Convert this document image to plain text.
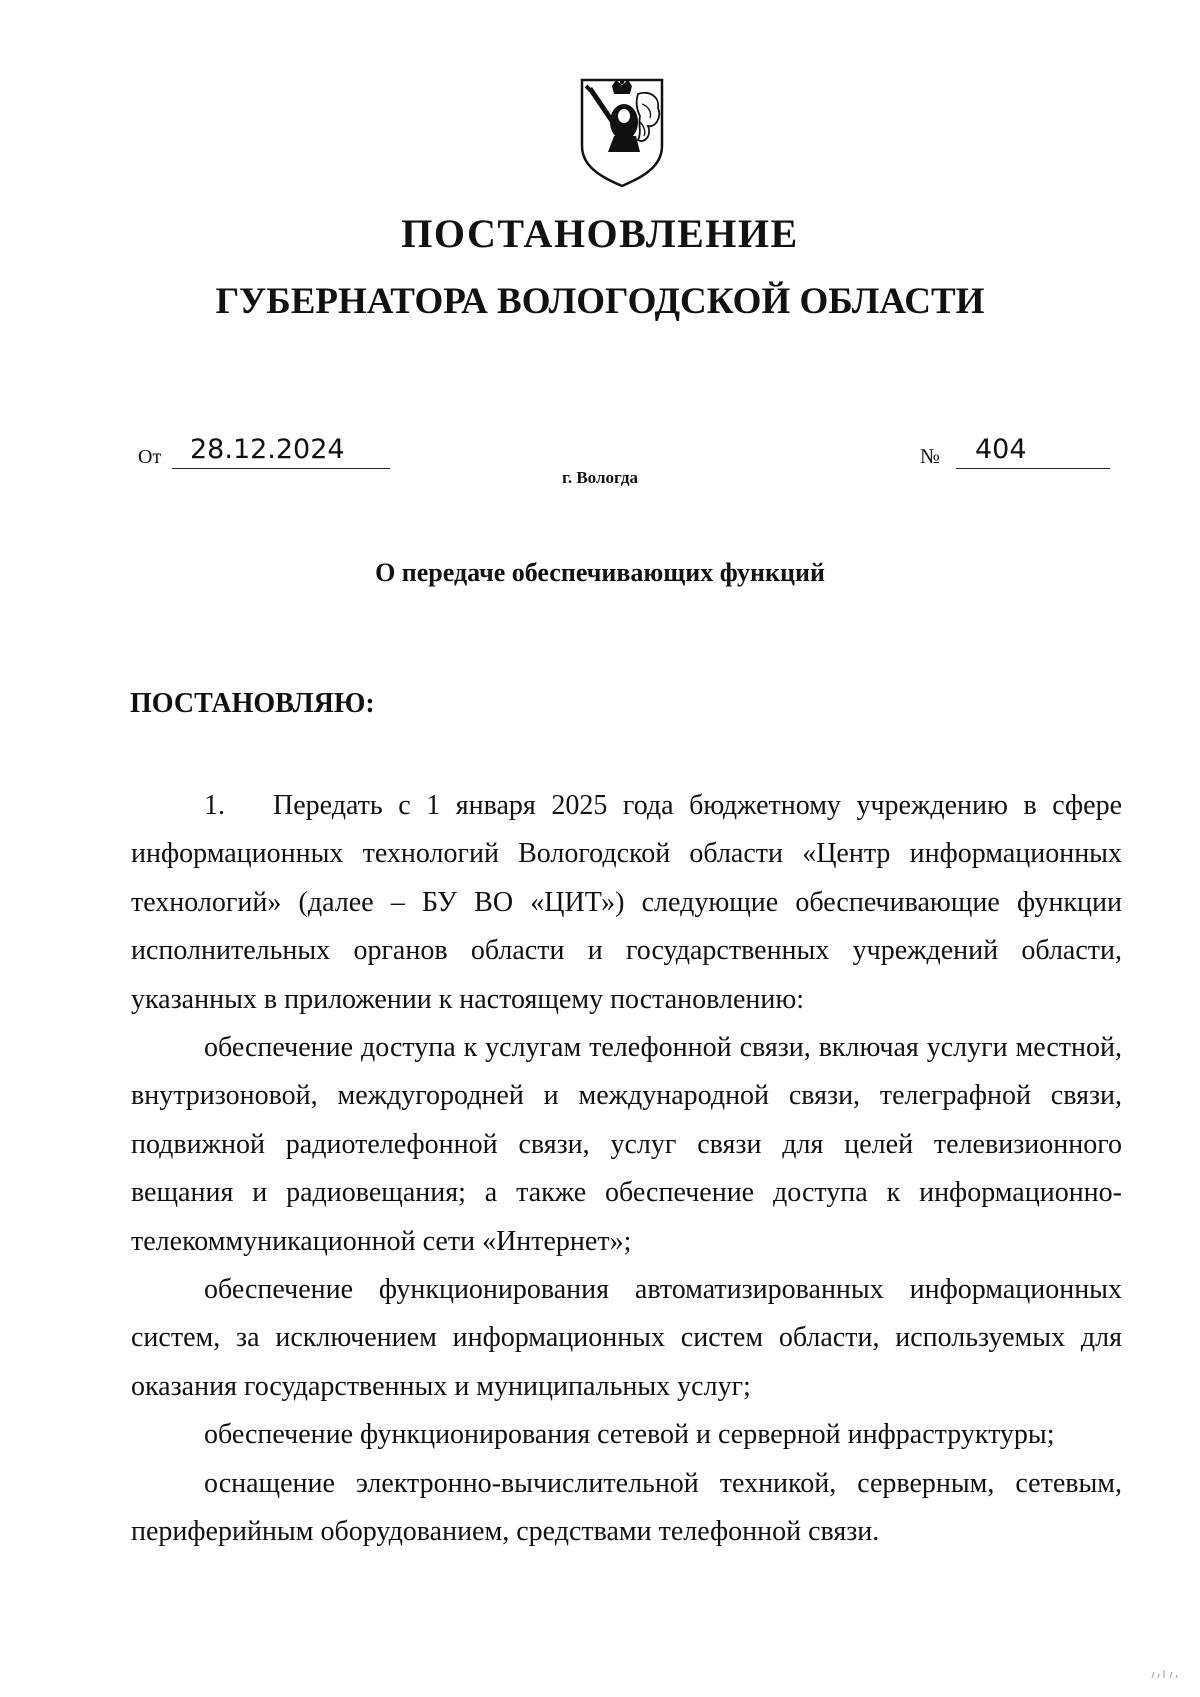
ПОСТАНОВЛЕНИЕ
ГУБЕРНАТОРА ВОЛОГОДСКОЙ ОБЛАСТИ
От 28.12.2024
г. Вологда
№ 404
О передаче обеспечивающих функций
ПОСТАНОВЛЯЮ:

1. Передать с 1 января 2025 года бюджетному учреждению в сфере информационных технологий Вологодской области «Центр информационных технологий» (далее – БУ ВО «ЦИТ») следующие обеспечивающие функции исполнительных органов области и государственных учреждений области, указанных в приложении к настоящему постановлению:

обеспечение доступа к услугам телефонной связи, включая услуги местной, внутризоновой, междугородней и международной связи, телеграфной связи, подвижной радиотелефонной связи, услуг связи для целей телевизионного вещания и радиовещания; а также обеспечение доступа к информационно-телекоммуникационной сети «Интернет»;

обеспечение функционирования автоматизированных информационных систем, за исключением информационных систем области, используемых для оказания государственных и муниципальных услуг;

обеспечение функционирования сетевой и серверной инфраструктуры;

оснащение электронно-вычислительной техникой, серверным, сетевым, периферийным оборудованием, средствами телефонной связи.
